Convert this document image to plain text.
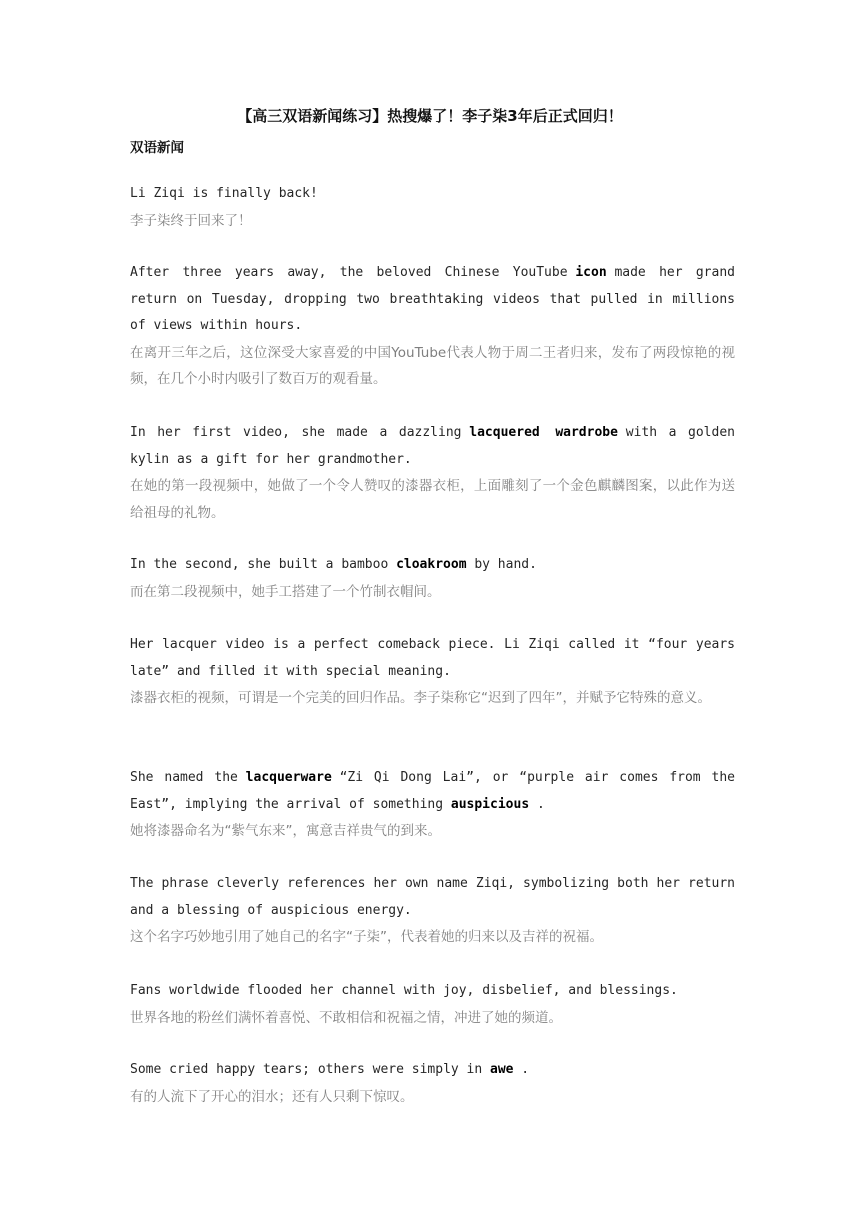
【高三双语新闻练习】热搜爆了！李子柒3年后正式回归！
双语新闻

Li Ziqi is finally back!

李子柒终于回来了！

After three years away, the beloved Chinese YouTube icon made her grand return on Tuesday, dropping two breathtaking videos that pulled in millions of views within hours.

在离开三年之后，这位深受大家喜爱的中国YouTube代表人物于周二王者归来，发布了两段惊艳的视频，在几个小时内吸引了数百万的观看量。

In her first video, she made a dazzling lacquered wardrobe with a golden kylin as a gift for her grandmother.

在她的第一段视频中，她做了一个令人赞叹的漆器衣柜，上面雕刻了一个金色麒麟图案，以此作为送给祖母的礼物。

In the second, she built a bamboo cloakroom by hand.

而在第二段视频中，她手工搭建了一个竹制衣帽间。

Her lacquer video is a perfect comeback piece. Li Ziqi called it “four years late” and filled it with special meaning.

漆器衣柜的视频，可谓是一个完美的回归作品。李子柒称它“迟到了四年”，并赋予它特殊的意义。

She named the lacquerware “Zi Qi Dong Lai”, or “purple air comes from the East”, implying the arrival of something auspicious .

她将漆器命名为“紫气东来”，寓意吉祥贵气的到来。

The phrase cleverly references her own name Ziqi, symbolizing both her return and a blessing of auspicious energy.

这个名字巧妙地引用了她自己的名字“子柒”，代表着她的归来以及吉祥的祝福。

Fans worldwide flooded her channel with joy, disbelief, and blessings.

世界各地的粉丝们满怀着喜悦、不敢相信和祝福之情，冲进了她的频道。

Some cried happy tears; others were simply in awe .

有的人流下了开心的泪水；还有人只剩下惊叹。
